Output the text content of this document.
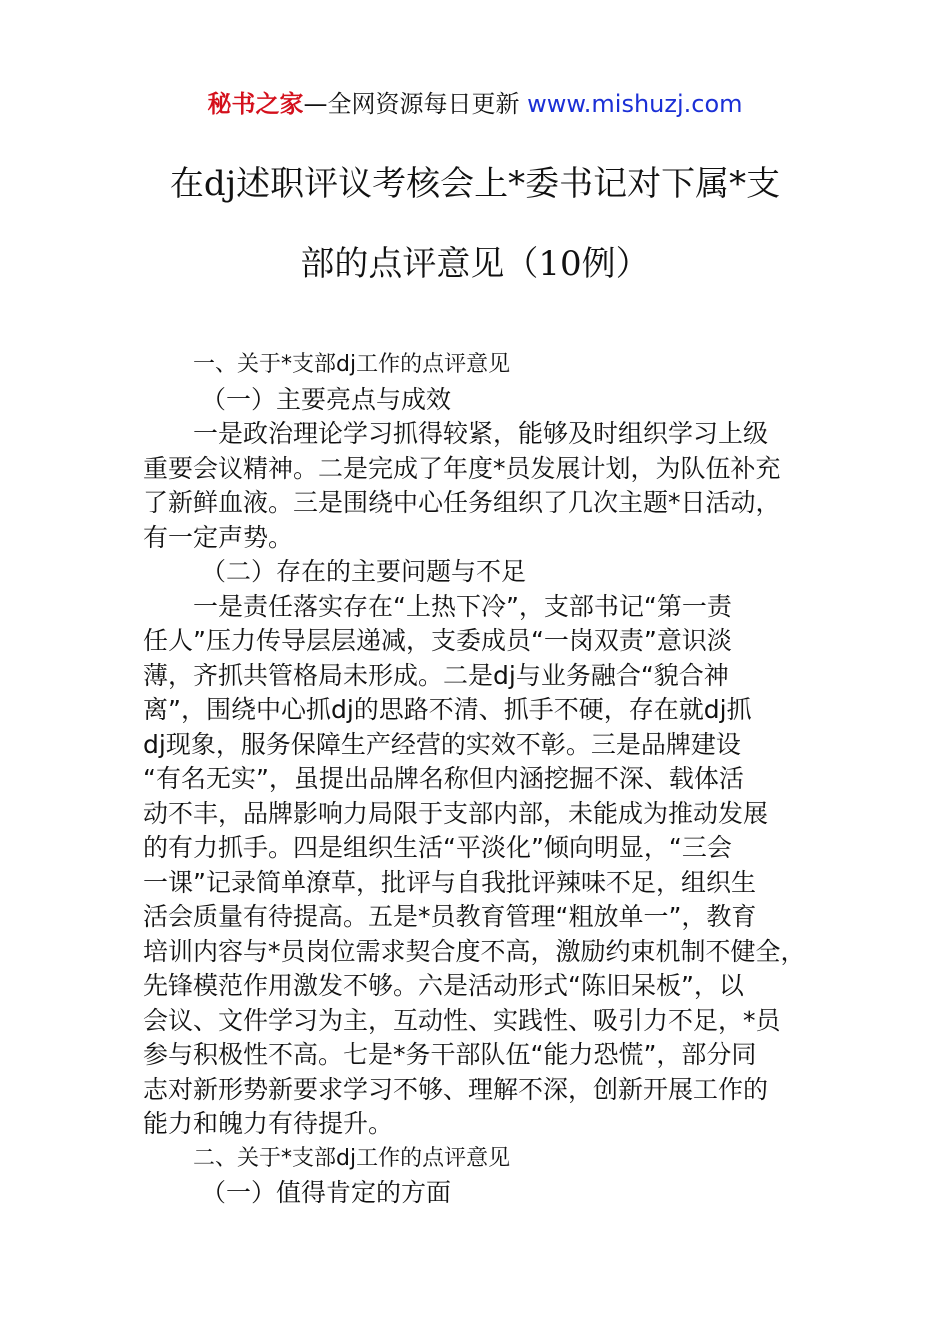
秘书之家—全网资源每日更新 www.mishuzj.com
在dj述职评议考核会上*委书记对下属*支
部的点评意见（10例）
一、关于*支部dj工作的点评意见
（一）主要亮点与成效
一是政治理论学习抓得较紧，能够及时组织学习上级
重要会议精神。二是完成了年度*员发展计划，为队伍补充
了新鲜血液。三是围绕中心任务组织了几次主题*日活动，
有一定声势。
（二）存在的主要问题与不足
一是责任落实存在“上热下冷”，支部书记“第一责
任人”压力传导层层递减，支委成员“一岗双责”意识淡
薄，齐抓共管格局未形成。二是dj与业务融合“貌合神
离”，围绕中心抓dj的思路不清、抓手不硬，存在就dj抓
dj现象，服务保障生产经营的实效不彰。三是品牌建设
“有名无实”，虽提出品牌名称但内涵挖掘不深、载体活
动不丰，品牌影响力局限于支部内部，未能成为推动发展
的有力抓手。四是组织生活“平淡化”倾向明显，“三会
一课”记录简单潦草，批评与自我批评辣味不足，组织生
活会质量有待提高。五是*员教育管理“粗放单一”，教育
培训内容与*员岗位需求契合度不高，激励约束机制不健全，
先锋模范作用激发不够。六是活动形式“陈旧呆板”，以
会议、文件学习为主，互动性、实践性、吸引力不足，*员
参与积极性不高。七是*务干部队伍“能力恐慌”，部分同
志对新形势新要求学习不够、理解不深，创新开展工作的
能力和魄力有待提升。
二、关于*支部dj工作的点评意见
（一）值得肯定的方面
